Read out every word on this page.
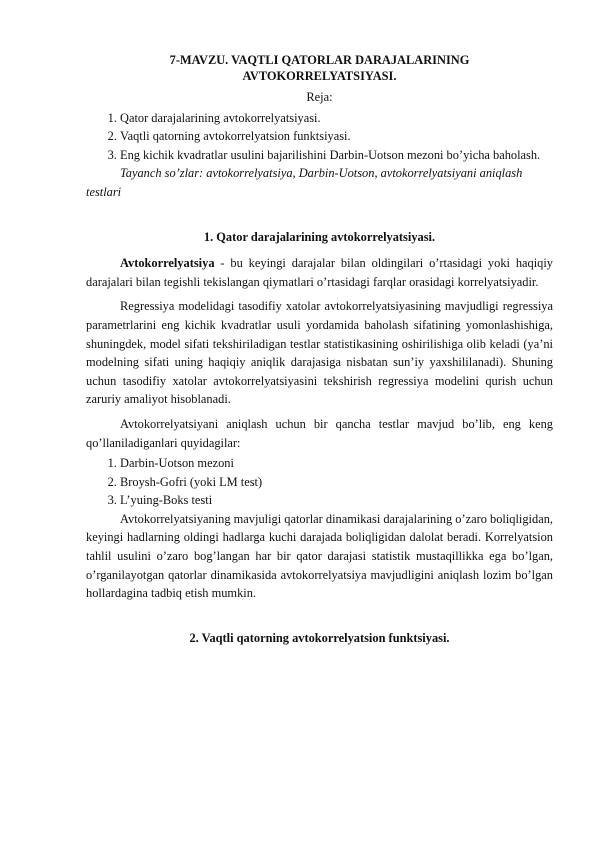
7-MAVZU. VAQTLI QATORLAR DARAJALARINING

AVTOKORRELYATSIYASI.

Reja:
1. Qator darajalarining avtokorrelyatsiyasi.
2. Vaqtli qatorning avtokorrelyatsion funktsiyasi.
3. Eng kichik kvadratlar usulini bajarilishini Darbin-Uotson mezoni bo’yicha baholash.

Tayanch so’zlar: avtokorrelyatsiya, Darbin-Uotson, avtokorrelyatsiyani aniqlash testlari

1. Qator darajalarining avtokorrelyatsiyasi.

Avtokorrelyatsiya - bu keyingi darajalar bilan oldingilari o’rtasidagi yoki haqiqiy darajalari bilan tegishli tekislangan qiymatlari o’rtasidagi farqlar orasidagi korrelyatsiyadir.

Regressiya modelidagi tasodifiy xatolar avtokorrelyatsiyasining mavjudligi regressiya parametrlarini eng kichik kvadratlar usuli yordamida baholash sifatining yomonlashishiga, shuningdek, model sifati tekshiriladigan testlar statistikasining oshirilishiga olib keladi (ya’ni modelning sifati uning haqiqiy aniqlik darajasiga nisbatan sun’iy yaxshililanadi). Shuning uchun tasodifiy xatolar avtokorrelyatsiyasini tekshirish regressiya modelini qurish uchun zaruriy amaliyot hisoblanadi.

Avtokorrelyatsiyani aniqlash uchun bir qancha testlar mavjud bo’lib, eng keng qo’llaniladiganlari quyidagilar:

1. Darbin-Uotson mezoni
2. Broysh-Gofri (yoki LM test)
3. L’yuing-Boks testi

Avtokorrelyatsiyaning mavjuligi qatorlar dinamikasi darajalarining o’zaro boliqligidan, keyingi hadlarning oldingi hadlarga kuchi darajada boliqligidan dalolat beradi. Korrelyatsion tahlil usulini o’zaro bog’langan har bir qator darajasi statistik mustaqillikka ega bo’lgan, o’rganilayotgan qatorlar dinamikasida avtokorrelyatsiya mavjudligini aniqlash lozim bo’lgan hollardagina tadbiq etish mumkin.

2. Vaqtli qatorning avtokorrelyatsion funktsiyasi.
